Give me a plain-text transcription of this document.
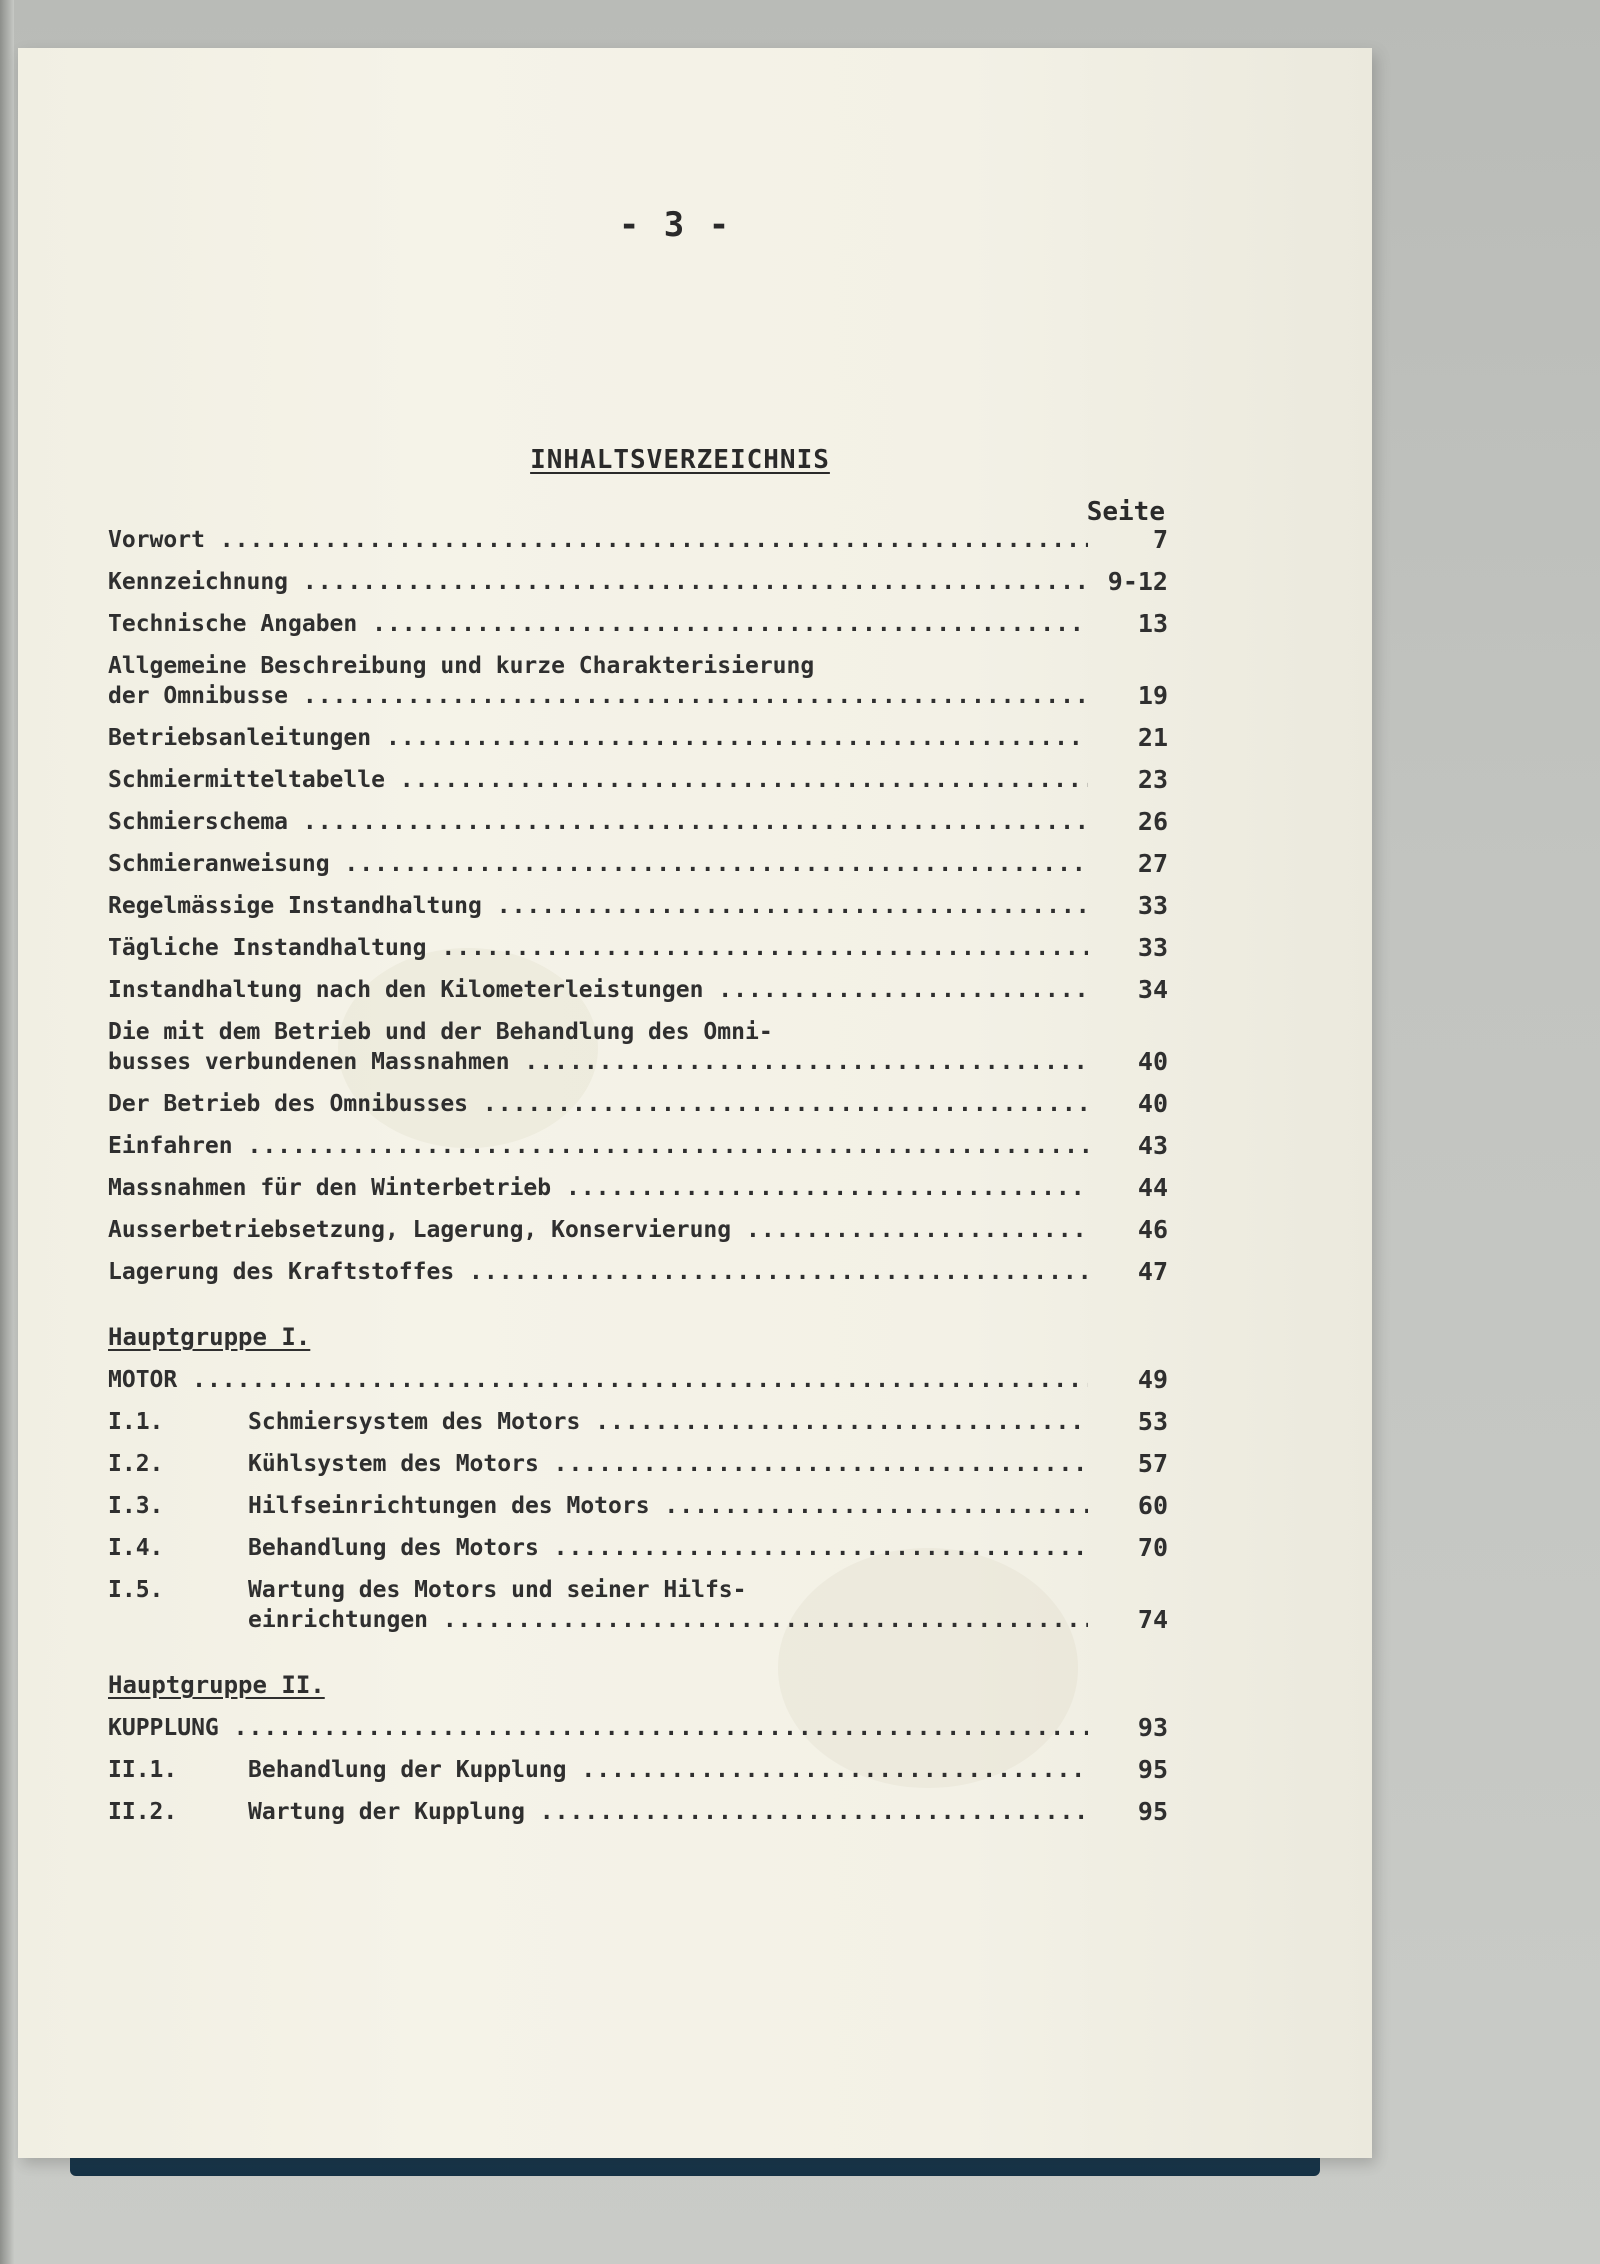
- 3 -
INHALTSVERZEICHNIS
Seite
Vorwort .....	7
Kennzeichnung .....	9-12
Technische Angaben .....	13
Allgemeine Beschreibung und kurze Charakterisierung
der Omnibusse .....	19
Betriebsanleitungen .....	21
Schmiermitteltabelle .....	23
Schmierschema .....	26
Schmieranweisung .....	27
Regelmässige Instandhaltung .....	33
Tägliche Instandhaltung .....	33
Instandhaltung nach den Kilometerleistungen .....	34
Die mit dem Betrieb und der Behandlung des Omni-
busses verbundenen Massnahmen .....	40
Der Betrieb des Omnibusses .....	40
Einfahren .....	43
Massnahmen für den Winterbetrieb .....	44
Ausserbetriebsetzung, Lagerung, Konservierung .....	46
Lagerung des Kraftstoffes .....	47
Hauptgruppe I.
MOTOR .....	49
I.1.	Schmiersystem des Motors .....	53
I.2.	Kühlsystem des Motors .....	57
I.3.	Hilfseinrichtungen des Motors .....	60
I.4.	Behandlung des Motors .....	70
I.5.	Wartung des Motors und seiner Hilfs-
einrichtungen .....	74
Hauptgruppe II.
KUPPLUNG .....	93
II.1.	Behandlung der Kupplung .....	95
II.2.	Wartung der Kupplung .....	95
